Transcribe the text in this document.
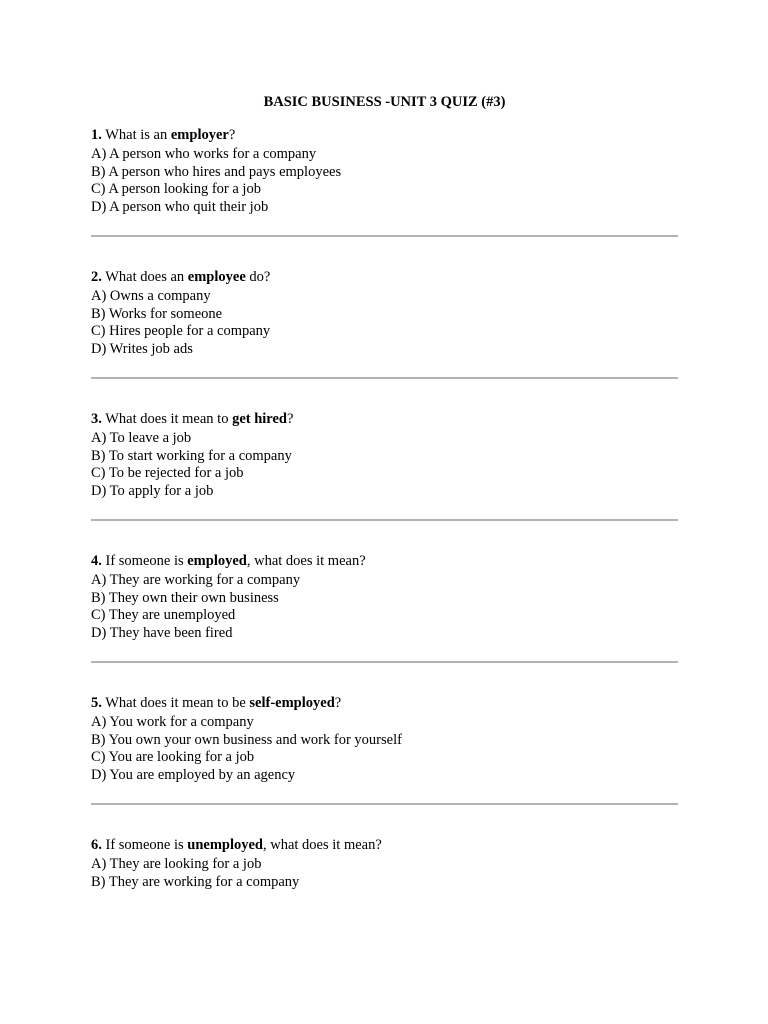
BASIC BUSINESS -UNIT 3 QUIZ (#3)

1. What is an employer?

A) A person who works for a company

B) A person who hires and pays employees

C) A person looking for a job

D) A person who quit their job

2. What does an employee do?

A) Owns a company

B) Works for someone

C) Hires people for a company

D) Writes job ads

3. What does it mean to get hired?

A) To leave a job

B) To start working for a company

C) To be rejected for a job

D) To apply for a job

4. If someone is employed, what does it mean?

A) They are working for a company

B) They own their own business

C) They are unemployed

D) They have been fired

5. What does it mean to be self-employed?

A) You work for a company

B) You own your own business and work for yourself

C) You are looking for a job

D) You are employed by an agency

6. If someone is unemployed, what does it mean?

A) They are looking for a job

B) They are working for a company
